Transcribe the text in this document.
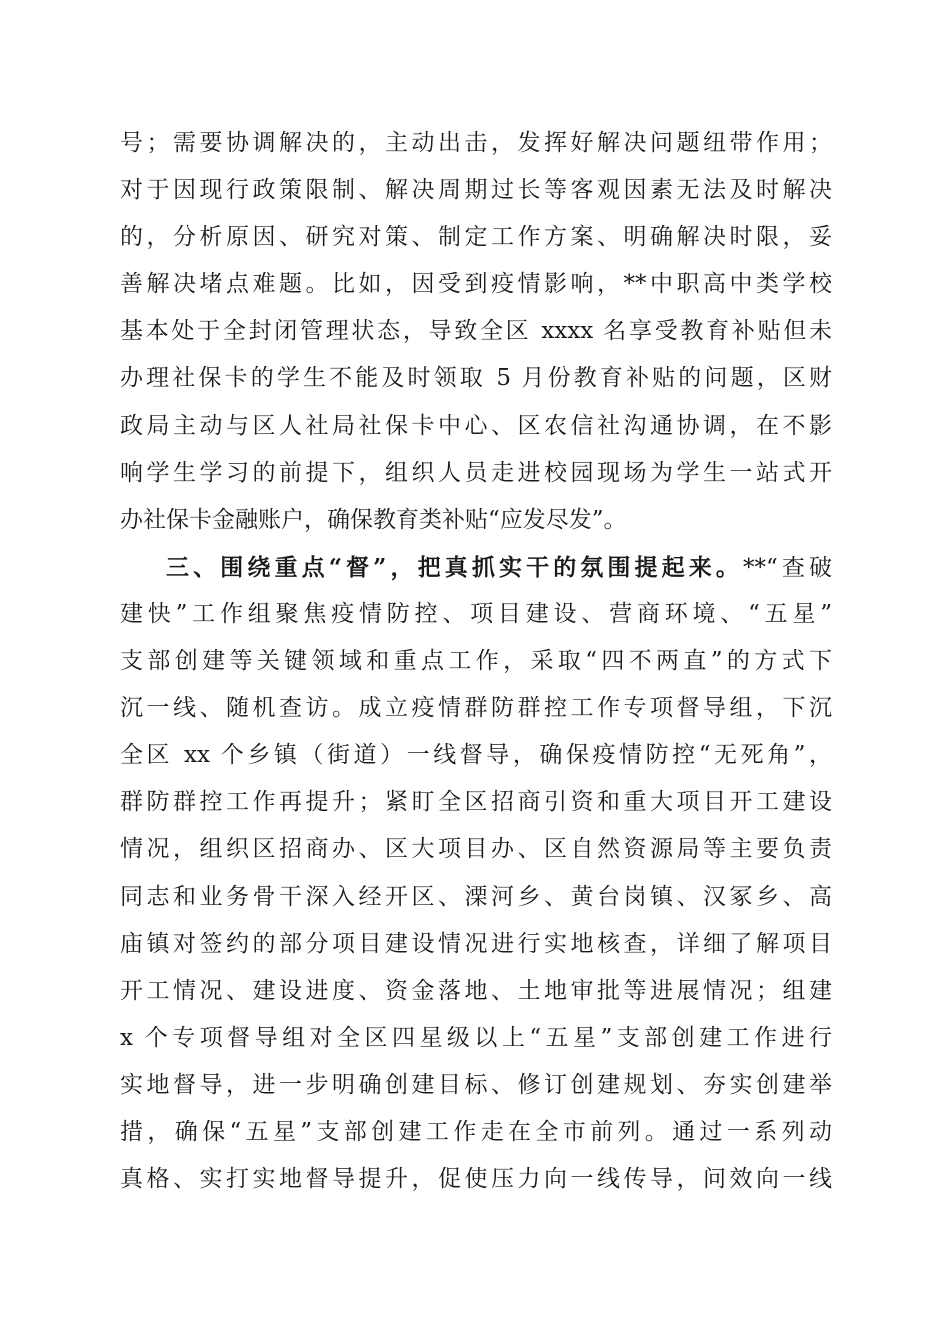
号；需要协调解决的，主动出击，发挥好解决问题纽带作用；
对于因现行政策限制、解决周期过长等客观因素无法及时解决
的，分析原因、研究对策、制定工作方案、明确解决时限，妥
善解决堵点难题。比如，因受到疫情影响，**中职高中类学校
基本处于全封闭管理状态，导致全区 xxxx 名享受教育补贴但未
办理社保卡的学生不能及时领取 5 月份教育补贴的问题，区财
政局主动与区人社局社保卡中心、区农信社沟通协调，在不影
响学生学习的前提下，组织人员走进校园现场为学生一站式开
办社保卡金融账户，确保教育类补贴“应发尽发”。
三、围绕重点“督”，把真抓实干的氛围提起来。**“查破
建快”工作组聚焦疫情防控、项目建设、营商环境、“五星”
支部创建等关键领域和重点工作，采取“四不两直”的方式下
沉一线、随机查访。成立疫情群防群控工作专项督导组，下沉
全区 xx 个乡镇（街道）一线督导，确保疫情防控“无死角”，
群防群控工作再提升；紧盯全区招商引资和重大项目开工建设
情况，组织区招商办、区大项目办、区自然资源局等主要负责
同志和业务骨干深入经开区、溧河乡、黄台岗镇、汉冢乡、高
庙镇对签约的部分项目建设情况进行实地核查，详细了解项目
开工情况、建设进度、资金落地、土地审批等进展情况；组建
x 个专项督导组对全区四星级以上“五星”支部创建工作进行
实地督导，进一步明确创建目标、修订创建规划、夯实创建举
措，确保“五星”支部创建工作走在全市前列。通过一系列动
真格、实打实地督导提升，促使压力向一线传导，问效向一线
